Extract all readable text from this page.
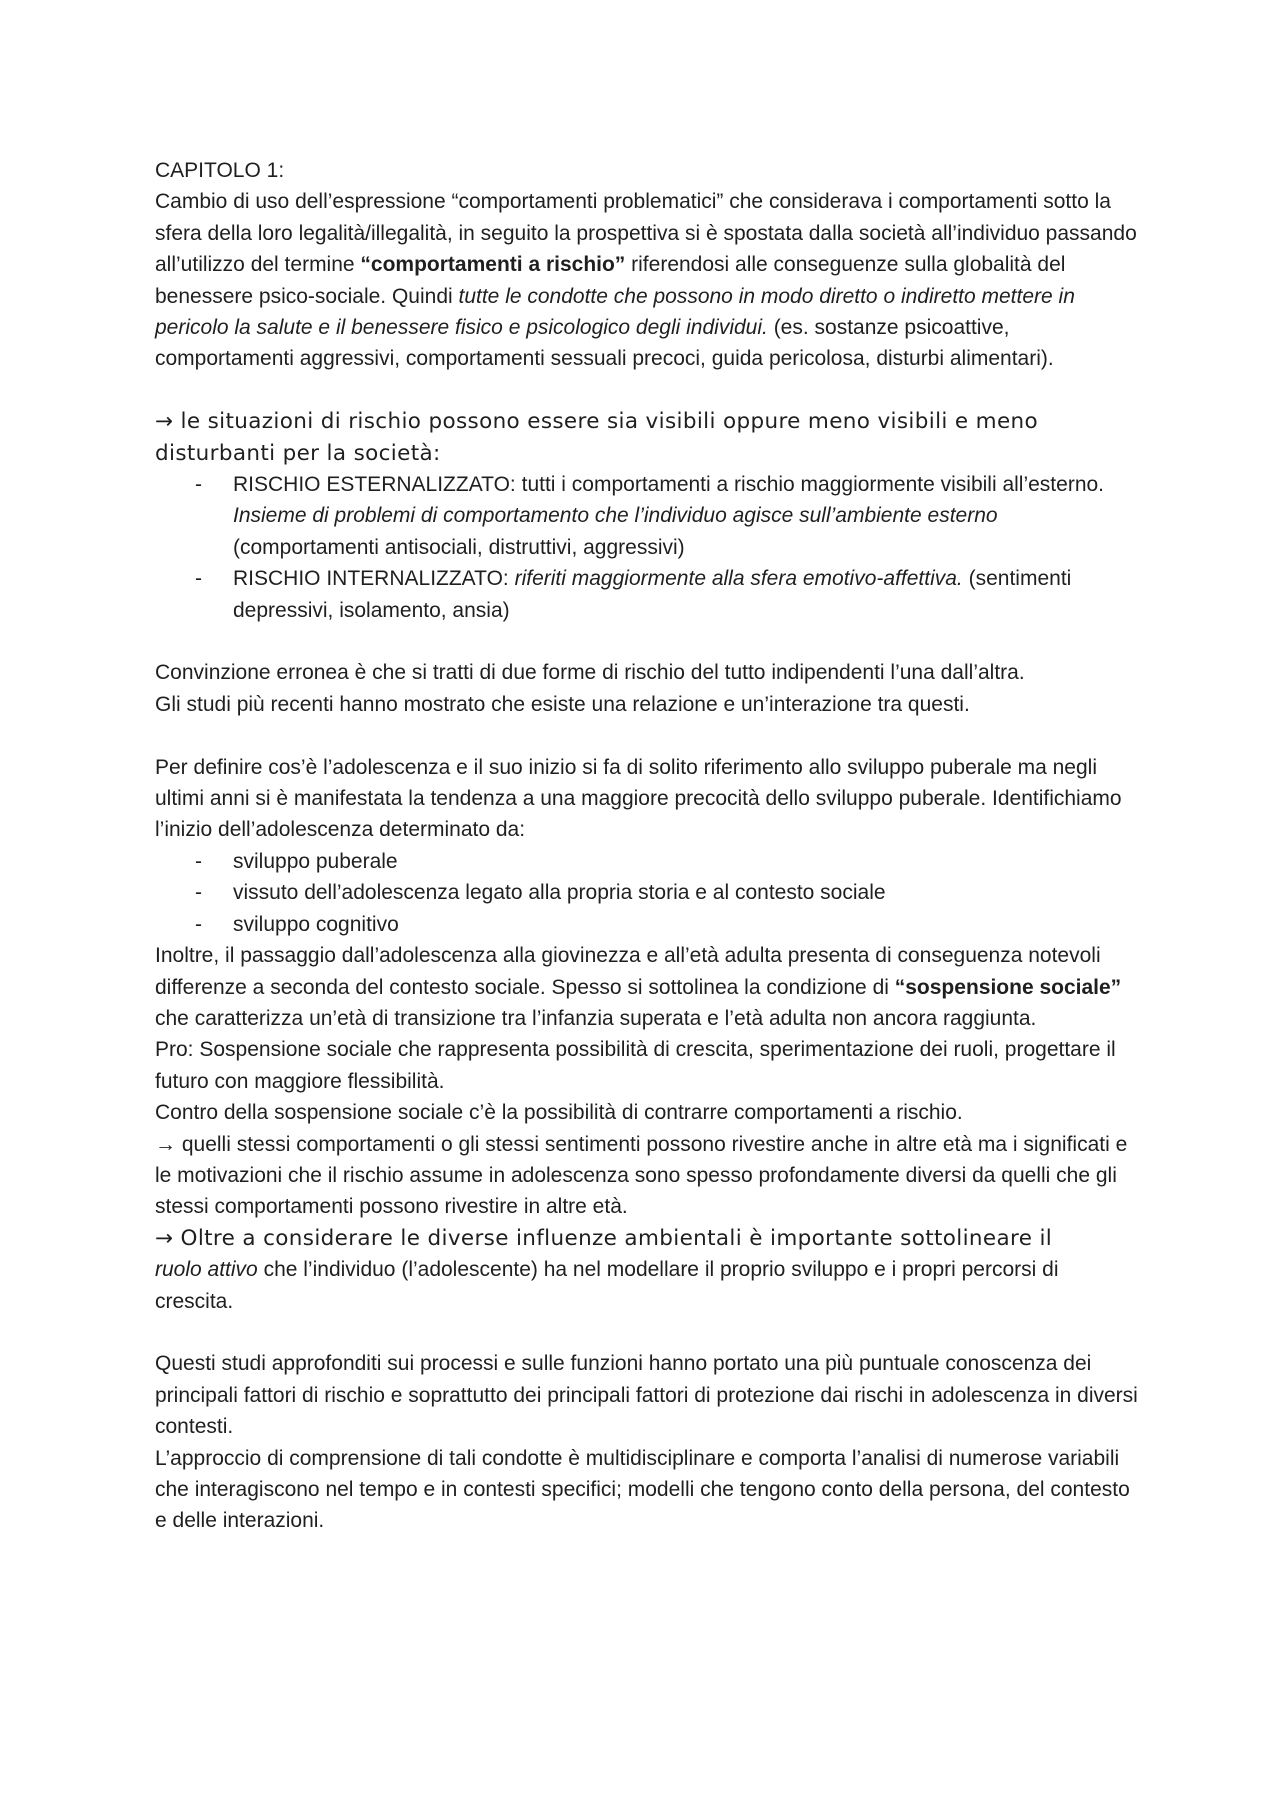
CAPITOLO 1:

Cambio di uso dell’espressione “comportamenti problematici” che considerava i comportamenti sotto la sfera della loro legalità/illegalità, in seguito la prospettiva si è spostata dalla società all’individuo passando all’utilizzo del termine “comportamenti a rischio” riferendosi alle conseguenze sulla globalità del benessere psico-sociale. Quindi tutte le condotte che possono in modo diretto o indiretto mettere in pericolo la salute e il benessere fisico e psicologico degli individui. (es. sostanze psicoattive, comportamenti aggressivi, comportamenti sessuali precoci, guida pericolosa, disturbi alimentari).

→ le situazioni di rischio possono essere sia visibili oppure meno visibili e meno disturbanti per la società:

- RISCHIO ESTERNALIZZATO: tutti i comportamenti a rischio maggiormente visibili all’esterno. Insieme di problemi di comportamento che l’individuo agisce sull’ambiente esterno (comportamenti antisociali, distruttivi, aggressivi)
- RISCHIO INTERNALIZZATO: riferiti maggiormente alla sfera emotivo-affettiva. (sentimenti depressivi, isolamento, ansia)

Convinzione erronea è che si tratti di due forme di rischio del tutto indipendenti l’una dall’altra.

Gli studi più recenti hanno mostrato che esiste una relazione e un’interazione tra questi.

Per definire cos’è l’adolescenza e il suo inizio si fa di solito riferimento allo sviluppo puberale ma negli ultimi anni si è manifestata la tendenza a una maggiore precocità dello sviluppo puberale. Identifichiamo l’inizio dell’adolescenza determinato da:

- sviluppo puberale
- vissuto dell’adolescenza legato alla propria storia e al contesto sociale
- sviluppo cognitivo

Inoltre, il passaggio dall’adolescenza alla giovinezza e all’età adulta presenta di conseguenza notevoli differenze a seconda del contesto sociale. Spesso si sottolinea la condizione di “sospensione sociale” che caratterizza un’età di transizione tra l’infanzia superata e l’età adulta non ancora raggiunta.

Pro: Sospensione sociale che rappresenta possibilità di crescita, sperimentazione dei ruoli, progettare il futuro con maggiore flessibilità.

Contro della sospensione sociale c’è la possibilità di contrarre comportamenti a rischio.

→ quelli stessi comportamenti o gli stessi sentimenti possono rivestire anche in altre età ma i significati e le motivazioni che il rischio assume in adolescenza sono spesso profondamente diversi da quelli che gli stessi comportamenti possono rivestire in altre età.

→ Oltre a considerare le diverse influenze ambientali è importante sottolineare il
ruolo attivo che l’individuo (l’adolescente) ha nel modellare il proprio sviluppo e i propri percorsi di crescita.

Questi studi approfonditi sui processi e sulle funzioni hanno portato una più puntuale conoscenza dei principali fattori di rischio e soprattutto dei principali fattori di protezione dai rischi in adolescenza in diversi contesti.

L’approccio di comprensione di tali condotte è multidisciplinare e comporta l’analisi di numerose variabili che interagiscono nel tempo e in contesti specifici; modelli che tengono conto della persona, del contesto e delle interazioni.
